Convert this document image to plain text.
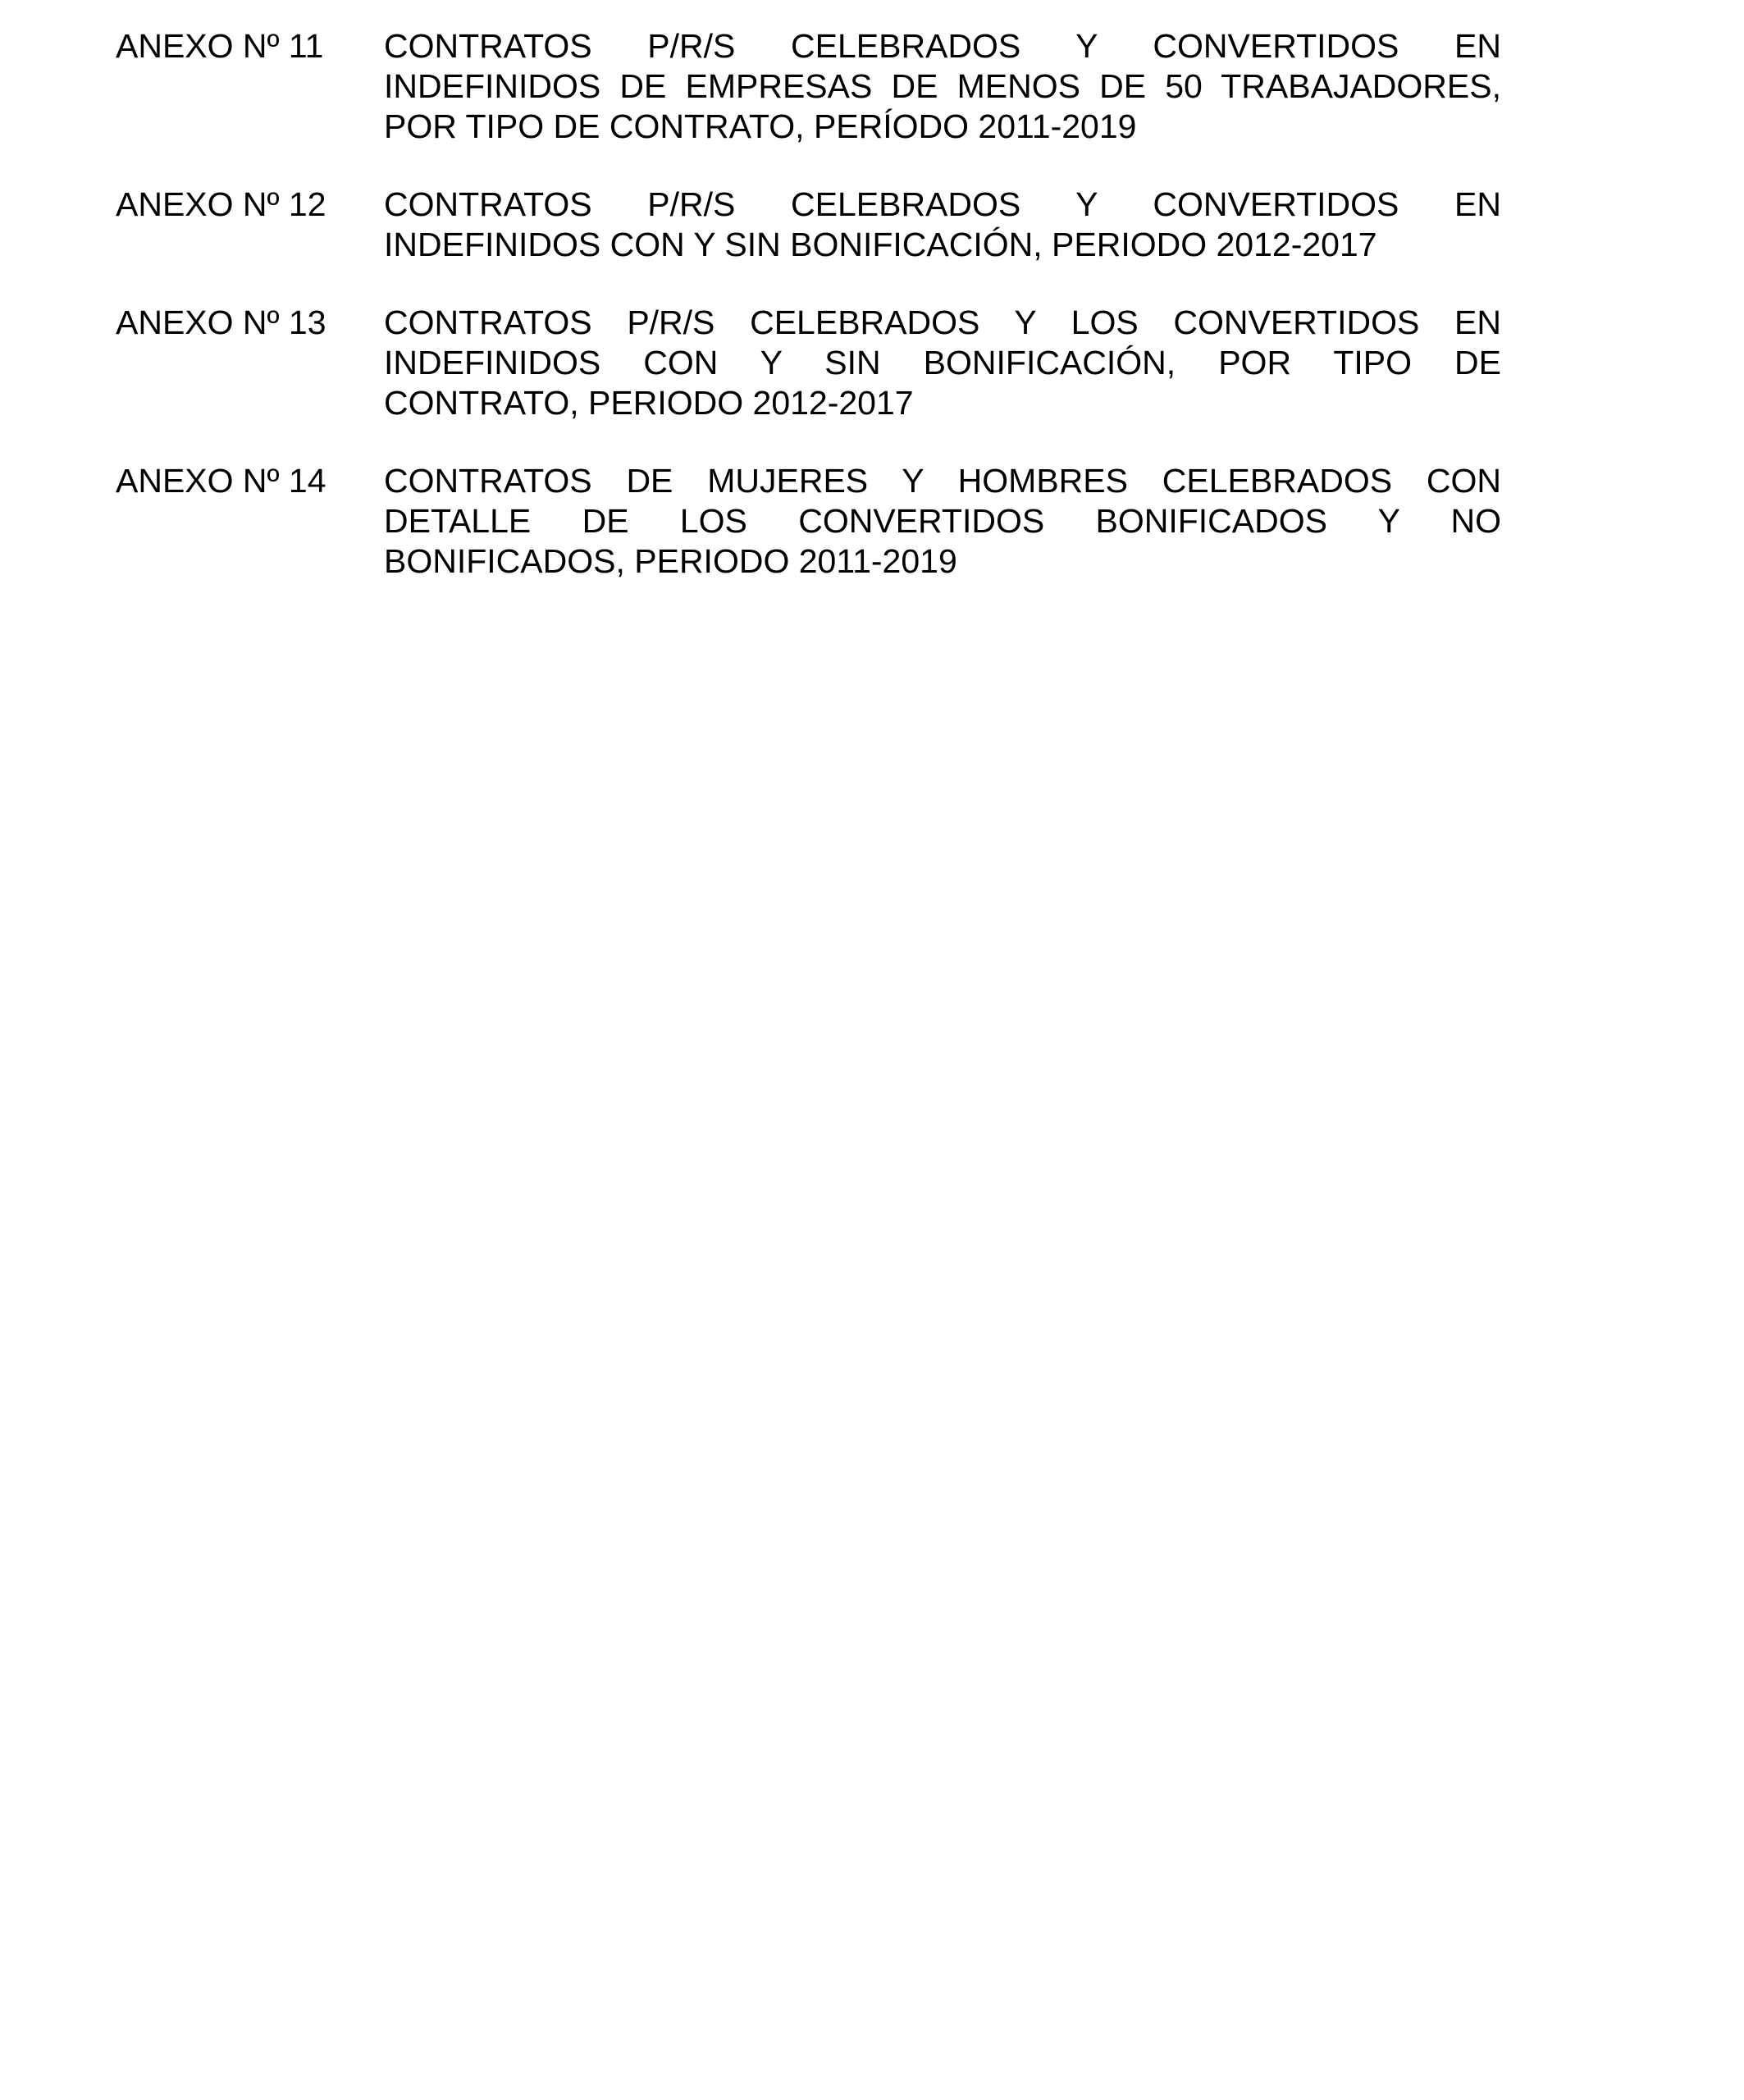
ANEXO Nº 11	CONTRATOS P/R/S CELEBRADOS Y CONVERTIDOS EN
INDEFINIDOS DE EMPRESAS DE MENOS DE 50 TRABAJADORES,
POR TIPO DE CONTRATO, PERÍODO 2011-2019
ANEXO Nº 12	CONTRATOS P/R/S CELEBRADOS Y CONVERTIDOS EN
INDEFINIDOS CON Y SIN BONIFICACIÓN, PERIODO 2012-2017
ANEXO Nº 13	CONTRATOS P/R/S CELEBRADOS Y LOS CONVERTIDOS EN
INDEFINIDOS CON Y SIN BONIFICACIÓN, POR TIPO DE
CONTRATO, PERIODO 2012-2017
ANEXO Nº 14	CONTRATOS DE MUJERES Y HOMBRES CELEBRADOS CON
DETALLE DE LOS CONVERTIDOS BONIFICADOS Y NO
BONIFICADOS, PERIODO 2011-2019
